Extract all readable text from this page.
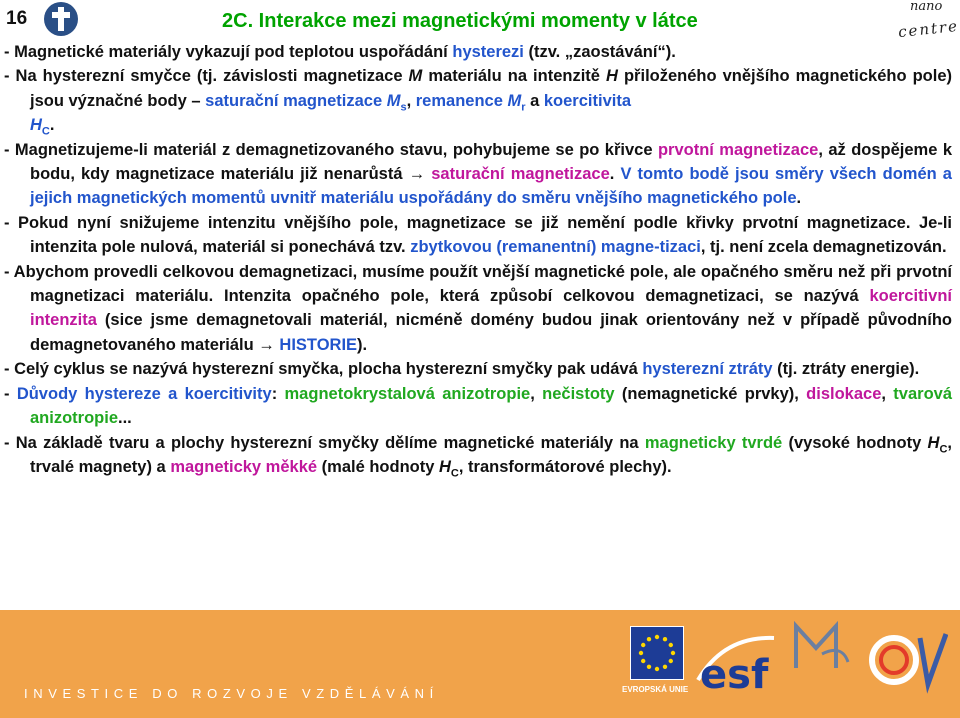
16	2C. Interakce mezi magnetickými momenty v látce
nano
centre

- Magnetické materiály vykazují pod teplotou uspořádání hysterezi (tzv. „zaostávání“).

- Na hysterezní smyčce (tj. závislosti magnetizace M materiálu na intenzitě H přiloženého vnějšího magnetického pole) jsou význačné body – saturační magnetizace $M_s$, remanence $M_r$ a koercitivita
$H_C$.

- Magnetizujeme-li materiál z demagnetizovaného stavu, pohybujeme se po křivce prvotní magnetizace, až dospějeme k bodu, kdy magnetizace materiálu již nenarůstá → saturační magnetizace. V tomto bodě jsou směry všech domén a jejich magnetických momentů uvnitř materiálu uspořádány do směru vnějšího magnetického pole.

- Pokud nyní snižujeme intenzitu vnějšího pole, magnetizace se již nemění podle křivky prvotní magnetizace. Je-li intenzita pole nulová, materiál si ponechává tzv. zbytkovou (remanentní) magne-tizaci, tj. není zcela demagnetizován.

- Abychom provedli celkovou demagnetizaci, musíme použít vnější magnetické pole, ale opačného směru než při prvotní magnetizaci materiálu. Intenzita opačného pole, která způsobí celkovou demagnetizaci, se nazývá koercitivní intenzita (sice jsme demagnetovali materiál, nicméně domény budou jinak orientovány než v případě původního demagnetovaného materiálu → HISTORIE).

- Celý cyklus se nazývá hysterezní smyčka, plocha hysterezní smyčky pak udává hysterezní ztráty (tj. ztráty energie).

- Důvody hystereze a koercitivity: magnetokrystalová anizotropie, nečistoty (nemagnetické prvky), dislokace, tvarová anizotropie...

- Na základě tvaru a plochy hysterezní smyčky dělíme magnetické materiály na magneticky tvrdé (vysoké hodnoty $H_C$, trvalé magnety) a magneticky měkké (malé hodnoty $H_C$, transformátorové plechy).

INVESTICE DO ROZVOJE VZDĚLÁVÁNÍ	EVROPSKÁ UNIE esf
